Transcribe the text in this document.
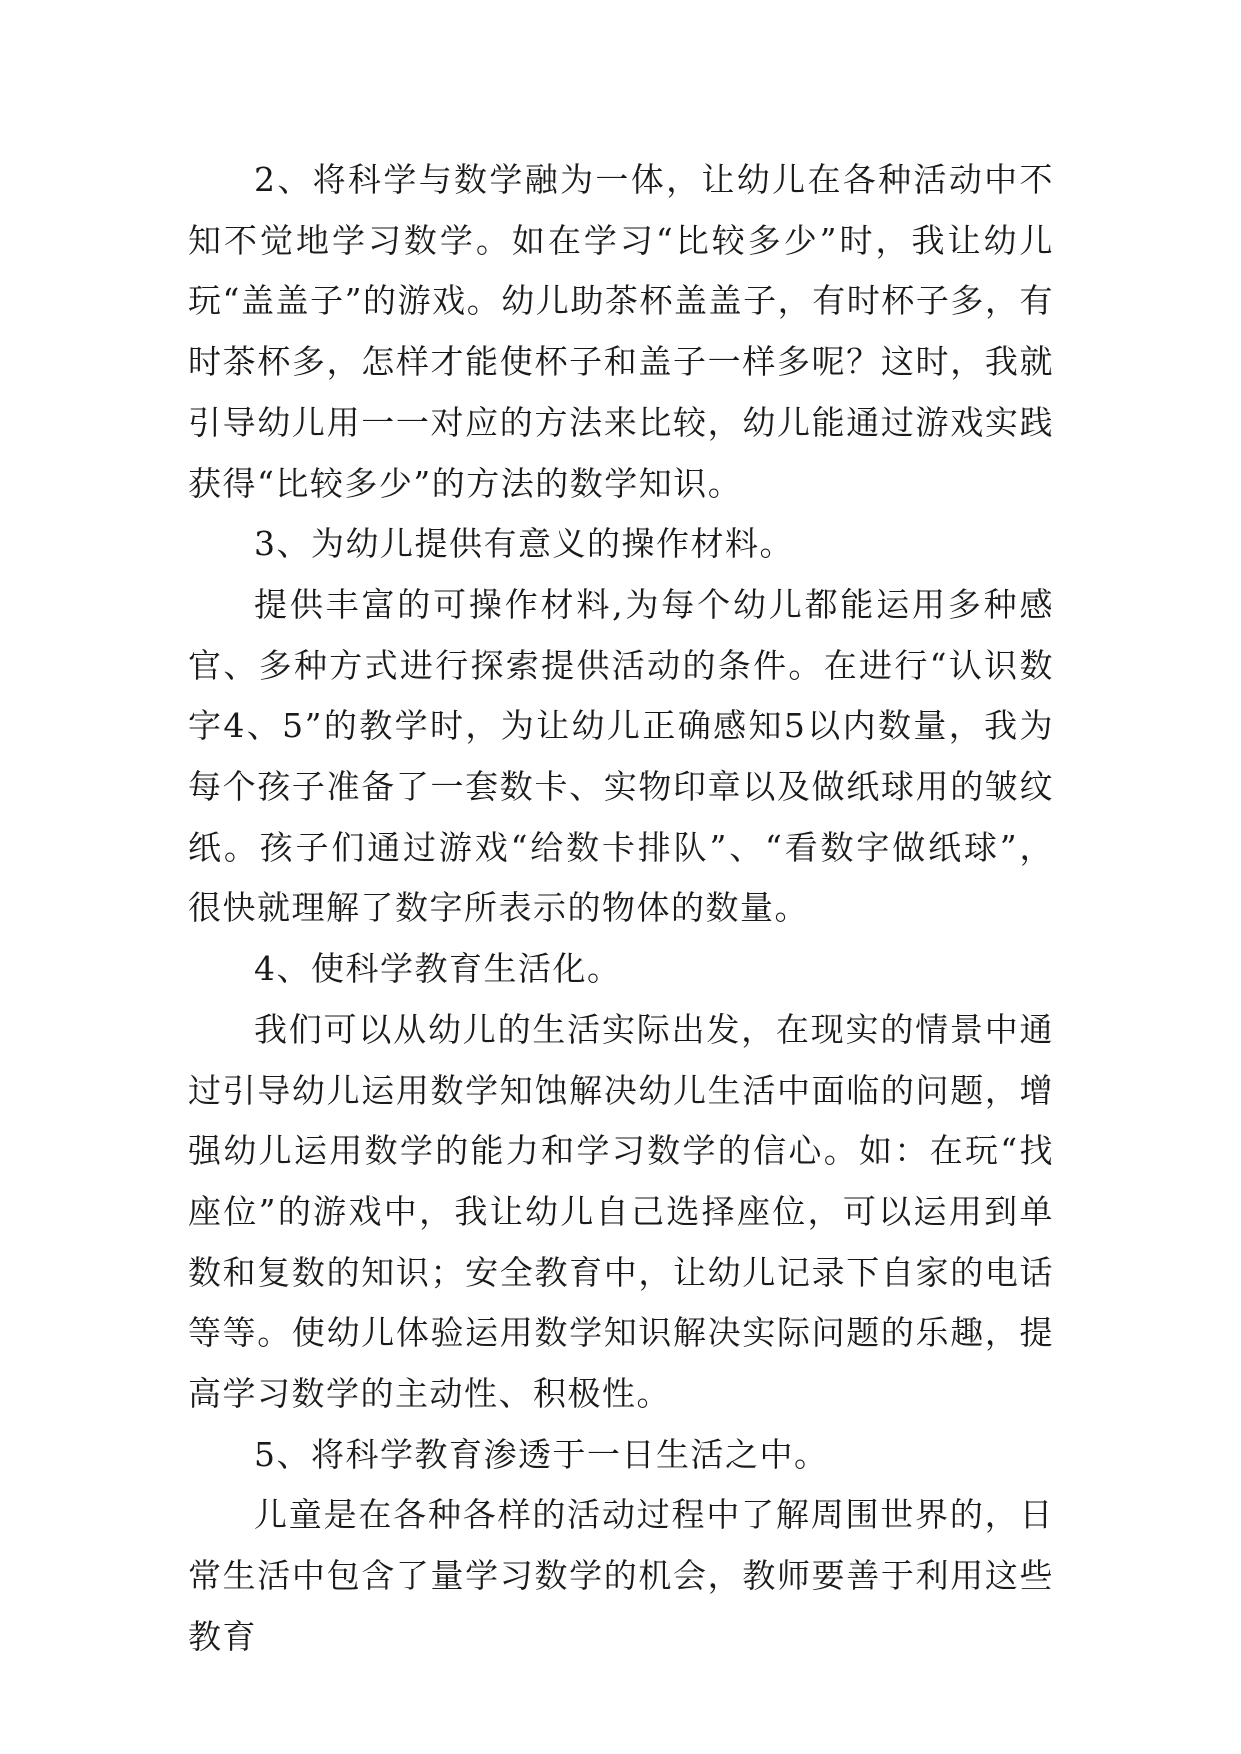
2、将科学与数学融为一体，让幼儿在各种活动中不知不觉地学习数学。如在学习“比较多少”时，我让幼儿玩“盖盖子”的游戏。幼儿助茶杯盖盖子，有时杯子多，有时茶杯多，怎样才能使杯子和盖子一样多呢？这时，我就引导幼儿用一一对应的方法来比较，幼儿能通过游戏实践获得“比较多少”的方法的数学知识。

3、为幼儿提供有意义的操作材料。

提供丰富的可操作材料,为每个幼儿都能运用多种感官、多种方式进行探索提供活动的条件。在进行“认识数字4、5”的教学时，为让幼儿正确感知5以内数量，我为每个孩子准备了一套数卡、实物印章以及做纸球用的皱纹纸。孩子们通过游戏“给数卡排队”、“看数字做纸球”，很快就理解了数字所表示的物体的数量。

4、使科学教育生活化。

我们可以从幼儿的生活实际出发，在现实的情景中通过引导幼儿运用数学知蚀解决幼儿生活中面临的问题，增强幼儿运用数学的能力和学习数学的信心。如：在玩“找座位”的游戏中，我让幼儿自己选择座位，可以运用到单数和复数的知识；安全教育中，让幼儿记录下自家的电话等等。使幼儿体验运用数学知识解决实际问题的乐趣，提高学习数学的主动性、积极性。

5、将科学教育渗透于一日生活之中。

儿童是在各种各样的活动过程中了解周围世界的，日常生活中包含了量学习数学的机会，教师要善于利用这些教育
